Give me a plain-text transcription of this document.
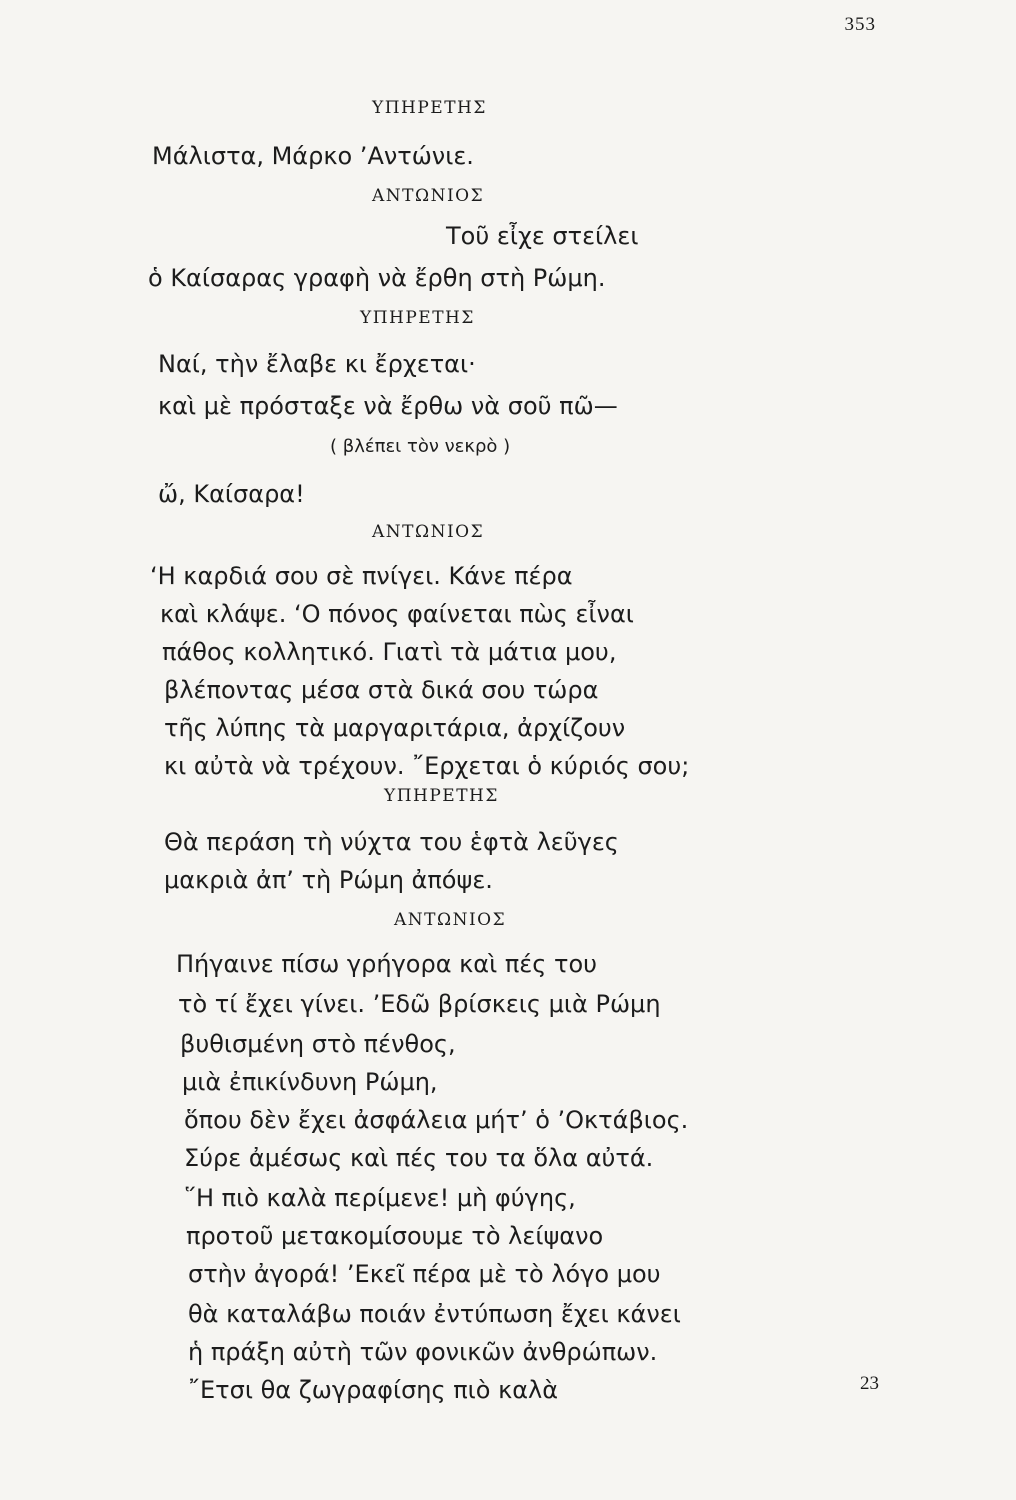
353
ΥΠΗΡΕΤΗΣ
Μάλιστα, Μάρκο ’Αντώνιε.
ΑΝΤΩΝΙΟΣ
Τοῦ εἶχε στείλει
ὁ Καίσαρας γραφὴ νὰ ἔρθη στὴ Ρώμη.
ΥΠΗΡΕΤΗΣ
Ναί, τὴν ἔλαβε κι ἔρχεται·
καὶ μὲ πρόσταξε νὰ ἔρθω νὰ σοῦ πῶ—
( βλέπει τὸν νεκρὸ )
ὤ, Καίσαρα!
ΑΝΤΩΝΙΟΣ
‘Η καρδιά σου σὲ πνίγει. Κάνε πέρα
καὶ κλάψε. ‘Ο πόνος φαίνεται πὼς εἶναι
πάθος κολλητικό. Γιατὶ τὰ μάτια μου,
βλέποντας μέσα στὰ δικά σου τώρα
τῆς λύπης τὰ μαργαριτάρια, ἀρχίζουν
κι αὐτὰ νὰ τρέχουν. ῎Ερχεται ὁ κύριός σου;
ΥΠΗΡΕΤΗΣ
Θὰ περάση τὴ νύχτα του ἑφτὰ λεῦγες
μακριὰ ἀπ’ τὴ Ρώμη ἀπόψε.
ΑΝΤΩΝΙΟΣ
Πήγαινε πίσω γρήγορα καὶ πές του
τὸ τί ἔχει γίνει. ’Εδῶ βρίσκεις μιὰ Ρώμη
βυθισμένη στὸ πένθος,
μιὰ ἐπικίνδυνη Ρώμη,
ὅπου δὲν ἔχει ἀσφάλεια μήτ’ ὁ ’Οκτάβιος.
Σύρε ἀμέσως καὶ πές του τα ὅλα αὐτά.
῞Η πιὸ καλὰ περίμενε! μὴ φύγης,
προτοῦ μετακομίσουμε τὸ λείψανο
στὴν ἀγορά! ’Εκεῖ πέρα μὲ τὸ λόγο μου
θὰ καταλάβω ποιάν ἐντύπωση ἔχει κάνει
ἡ πράξη αὐτὴ τῶν φονικῶν ἀνθρώπων.
῎Ετσι θα ζωγραφίσης πιὸ καλὰ	23
